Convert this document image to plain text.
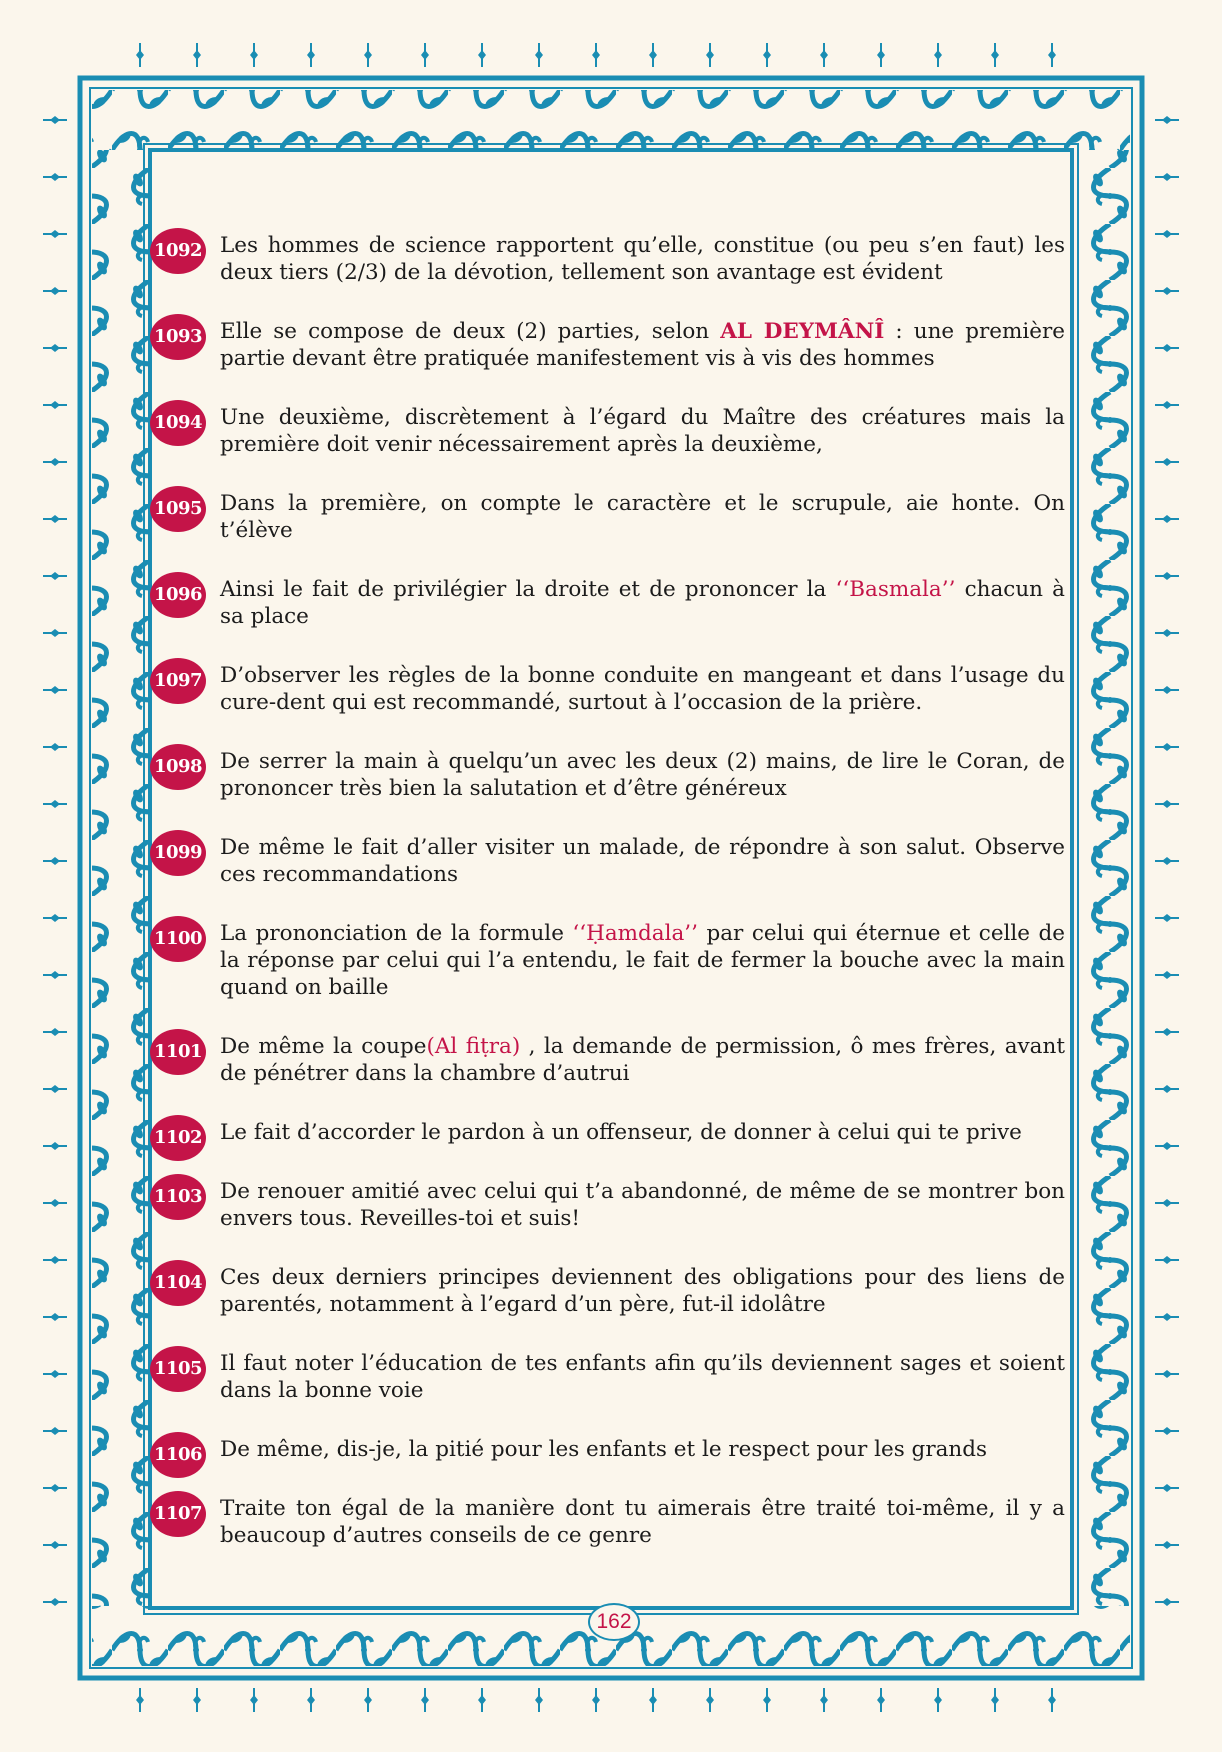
1092 Les hommes de science rapportent qu’elle, constitue (ou peu s’en faut) les deux tiers (2/3) de la dévotion, tellement son avantage est évident
1093 Elle se compose de deux (2) parties, selon AL DEYMÂNÎ : une première partie devant être pratiquée manifestement vis à vis des hommes
1094 Une deuxième, discrètement à l’égard du Maître des créatures mais la première doit venir nécessairement après la deuxième,
1095 Dans la première, on compte le caractère et le scrupule, aie honte. On t’élève
1096 Ainsi le fait de privilégier la droite et de prononcer la ‘‘Basmala’’ chacun à sa place
1097 D’observer les règles de la bonne conduite en mangeant et dans l’usage du cure-dent qui est recommandé, surtout à l’occasion de la prière.
1098 De serrer la main à quelqu’un avec les deux (2) mains, de lire le Coran, de prononcer très bien la salutation et d’être généreux
1099 De même le fait d’aller visiter un malade, de répondre à son salut. Observe ces recommandations
1100 La prononciation de la formule ‘‘Ḥamdala’’ par celui qui éternue et celle de la réponse par celui qui l’a entendu, le fait de fermer la bouche avec la main quand on baille
1101 De même la coupe(Al fiṭra) , la demande de permission, ô mes frères, avant de pénétrer dans la chambre d’autrui
1102 Le fait d’accorder le pardon à un offenseur, de donner à celui qui te prive
1103 De renouer amitié avec celui qui t’a abandonné, de même de se montrer bon envers tous. Reveilles-toi et suis!
1104 Ces deux derniers principes deviennent des obligations pour des liens de parentés, notamment à l’egard d’un père, fut-il idolâtre
1105 Il faut noter l’éducation de tes enfants afin qu’ils deviennent sages et soient dans la bonne voie
1106 De même, dis-je, la pitié pour les enfants et le respect pour les grands
1107 Traite ton égal de la manière dont tu aimerais être traité toi-même, il y a beaucoup d’autres conseils de ce genre
162
